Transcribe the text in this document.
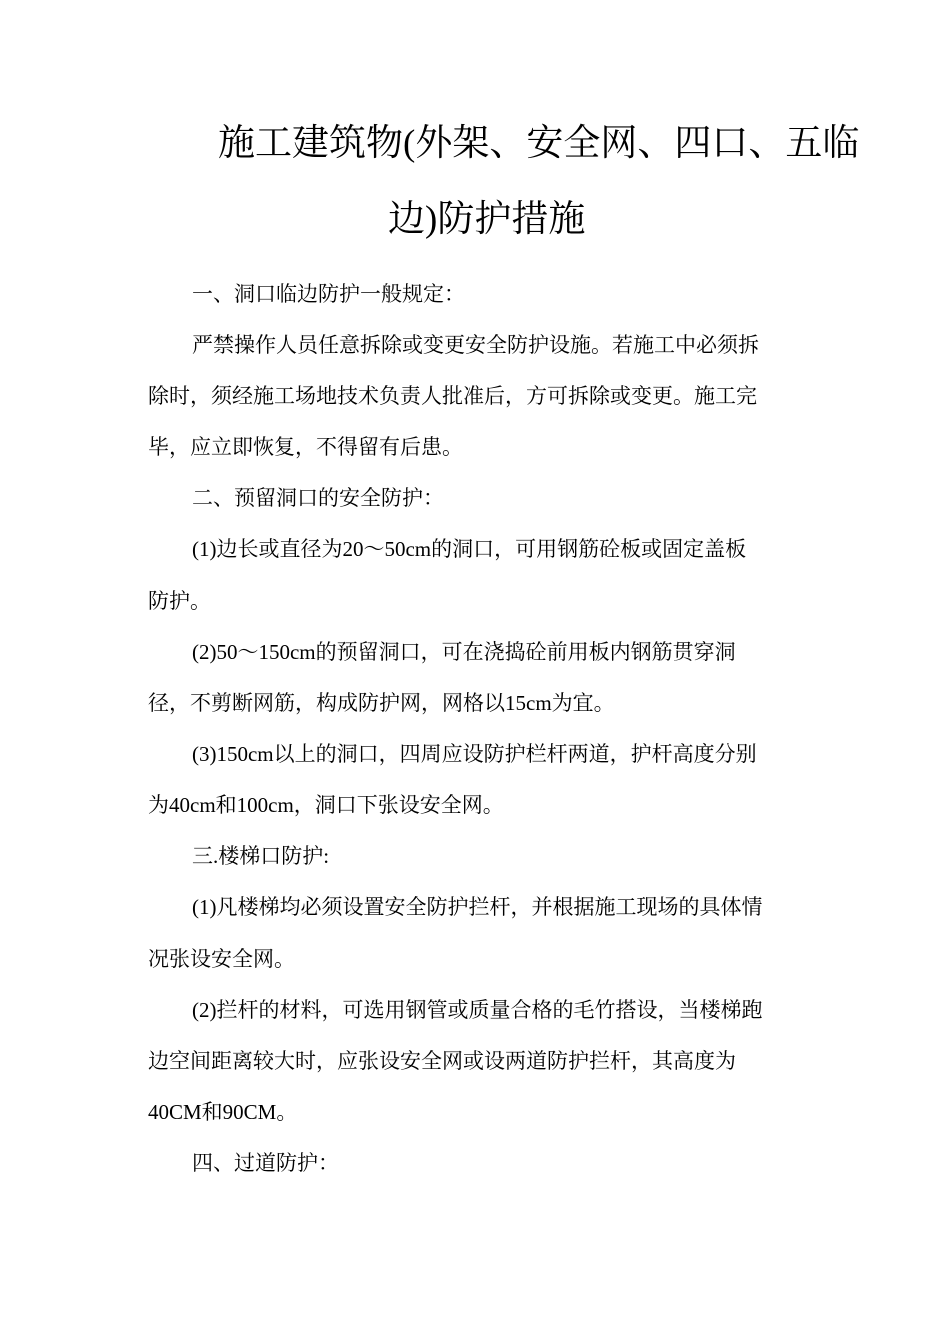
施工建筑物(外架、安全网、四口、五临
边)防护措施

一、洞口临边防护一般规定：

严禁操作人员任意拆除或变更安全防护设施。若施工中必须拆

除时，须经施工场地技术负责人批准后，方可拆除或变更。施工完

毕，应立即恢复，不得留有后患。

二、预留洞口的安全防护：

(1)边长或直径为20～50cm的洞口，可用钢筋砼板或固定盖板

防护。

(2)50～150cm的预留洞口，可在浇捣砼前用板内钢筋贯穿洞

径，不剪断网筋，构成防护网，网格以15cm为宜。

(3)150cm以上的洞口，四周应设防护栏杆两道，护杆高度分别

为40cm和100cm，洞口下张设安全网。

三.楼梯口防护:

(1)凡楼梯均必须设置安全防护拦杆，并根据施工现场的具体情

况张设安全网。

(2)拦杆的材料，可选用钢管或质量合格的毛竹搭设，当楼梯跑

边空间距离较大时，应张设安全网或设两道防护拦杆，其高度为

40CM和90CM。

四、过道防护：
